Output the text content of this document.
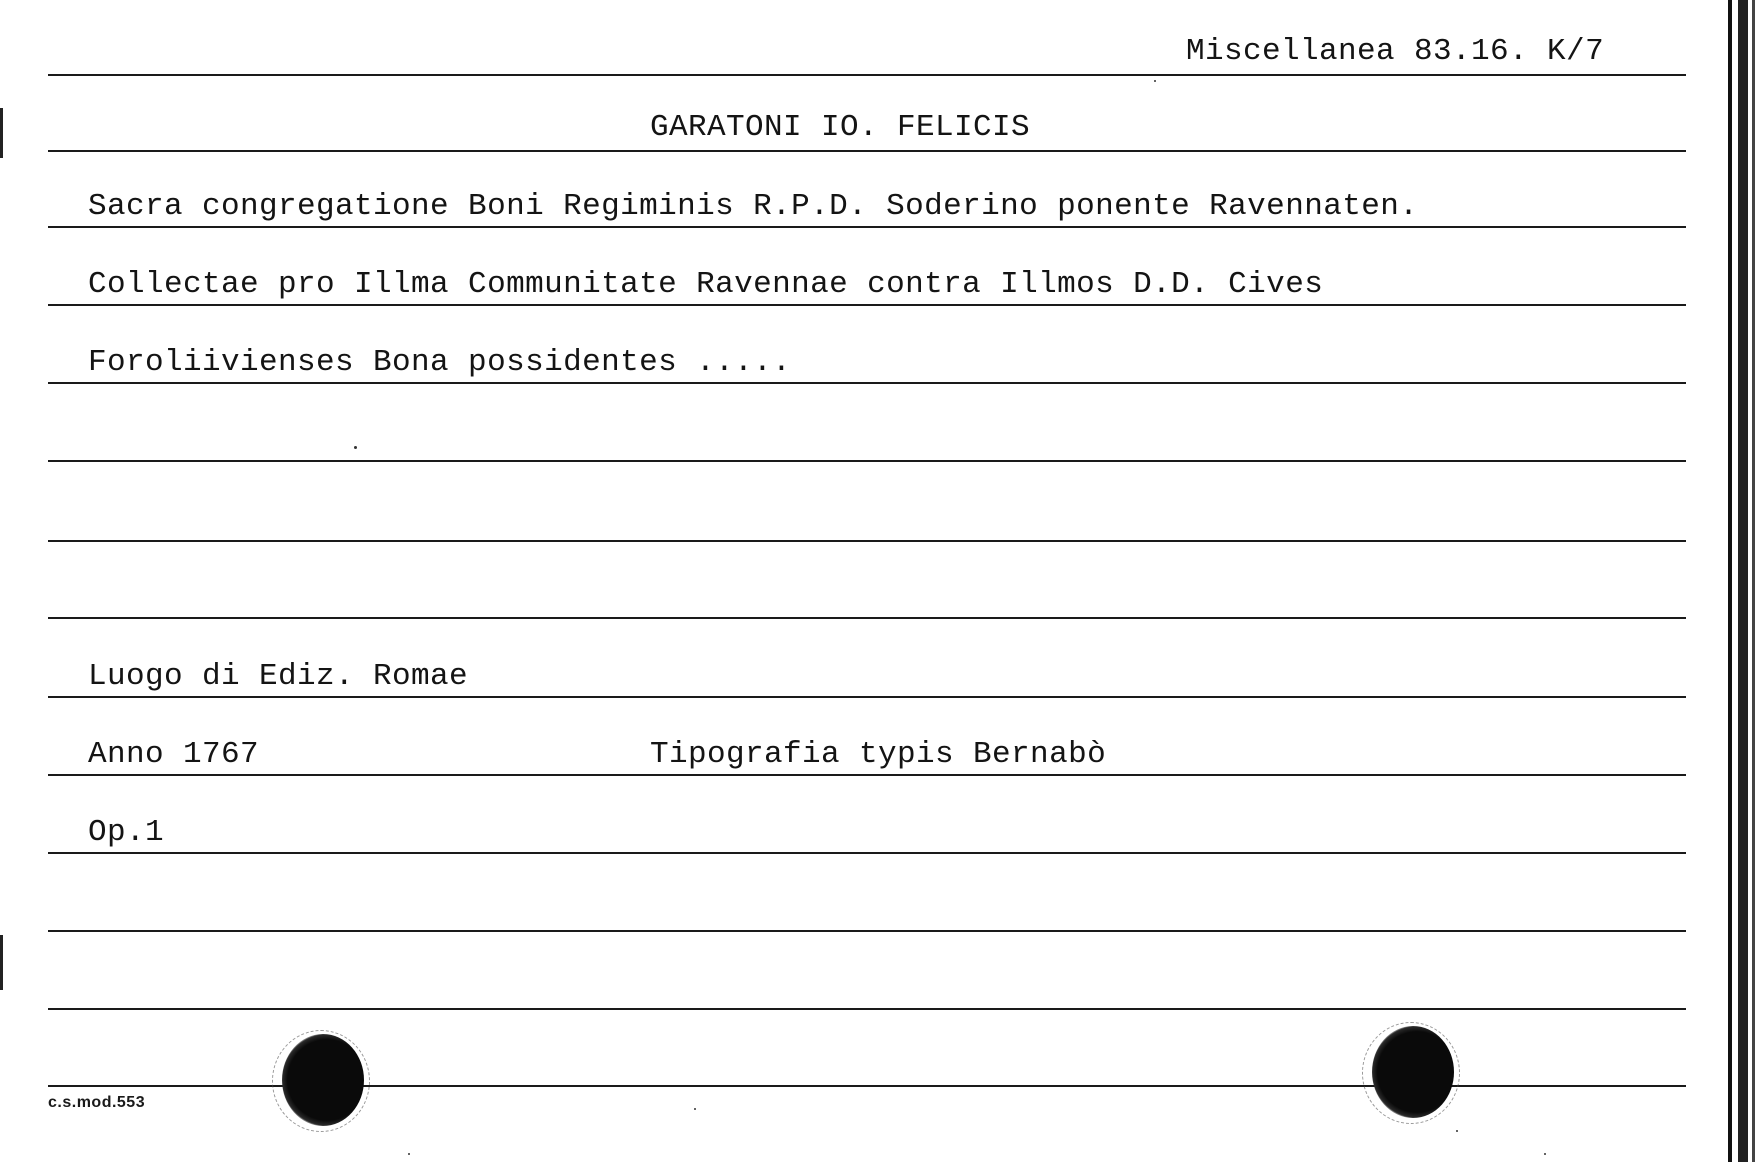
Miscellanea 83.16. K/7
GARATONI IO. FELICIS
Sacra congregatione Boni Regiminis R.P.D. Soderino ponente Ravennaten.
Collectae pro Illma Communitate Ravennae contra Illmos D.D. Cives
Foroliivienses Bona possidentes .....
Luogo di Ediz. Romae
Anno 1767	Tipografia typis Bernabò
Op.1
c.s.mod.553
